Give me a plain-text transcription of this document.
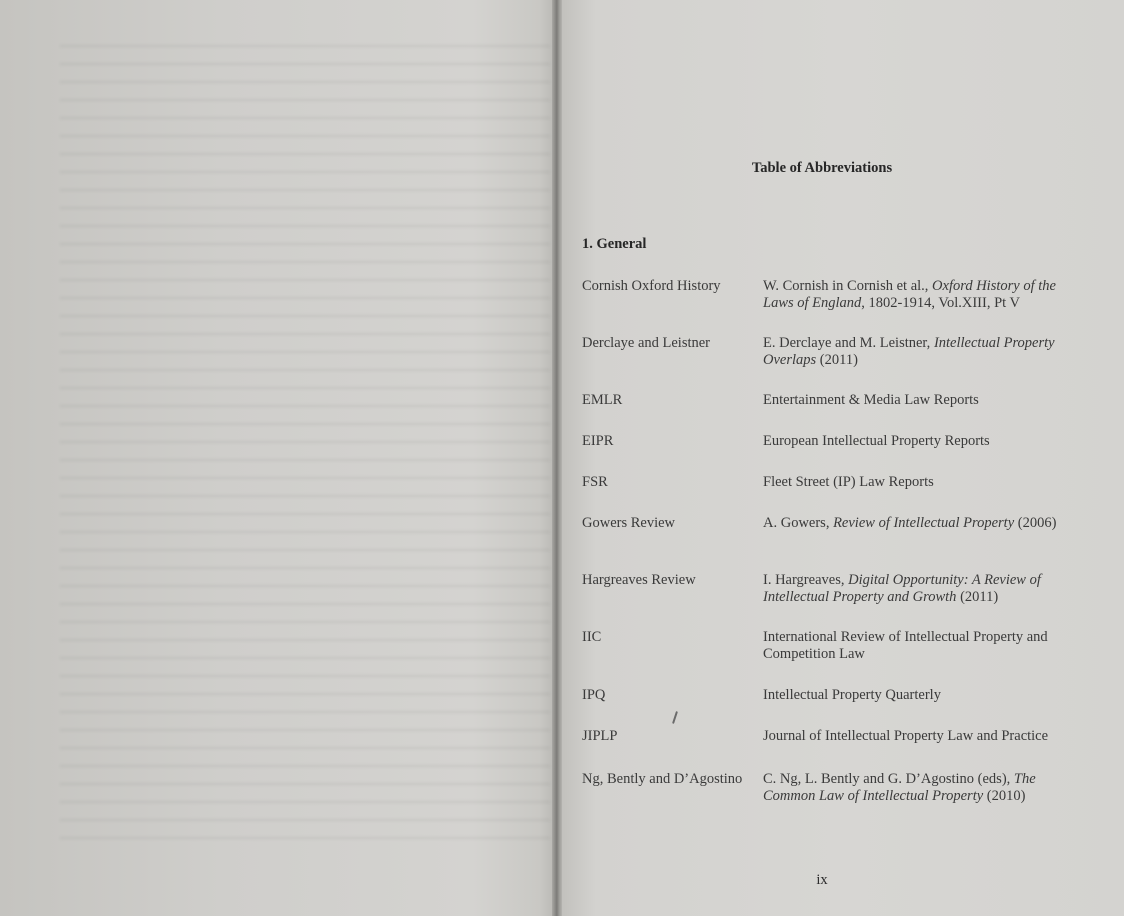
Table of Abbreviations
1. General
Cornish Oxford History	W. Cornish in Cornish et al., Oxford History of the Laws of England, 1802-1914, Vol.XIII, Pt V
Derclaye and Leistner	E. Derclaye and M. Leistner, Intellectual Property Overlaps (2011)
EMLR	Entertainment & Media Law Reports
EIPR	European Intellectual Property Reports
FSR	Fleet Street (IP) Law Reports
Gowers Review	A. Gowers, Review of Intellectual Property (2006)
Hargreaves Review	I. Hargreaves, Digital Opportunity: A Review of Intellectual Property and Growth (2011)
IIC	International Review of Intellectual Property and Competition Law
IPQ	Intellectual Property Quarterly
JIPLP	Journal of Intellectual Property Law and Practice
Ng, Bently and D’Agostino	C. Ng, L. Bently and G. D’Agostino (eds), The Common Law of Intellectual Property (2010)
ix
